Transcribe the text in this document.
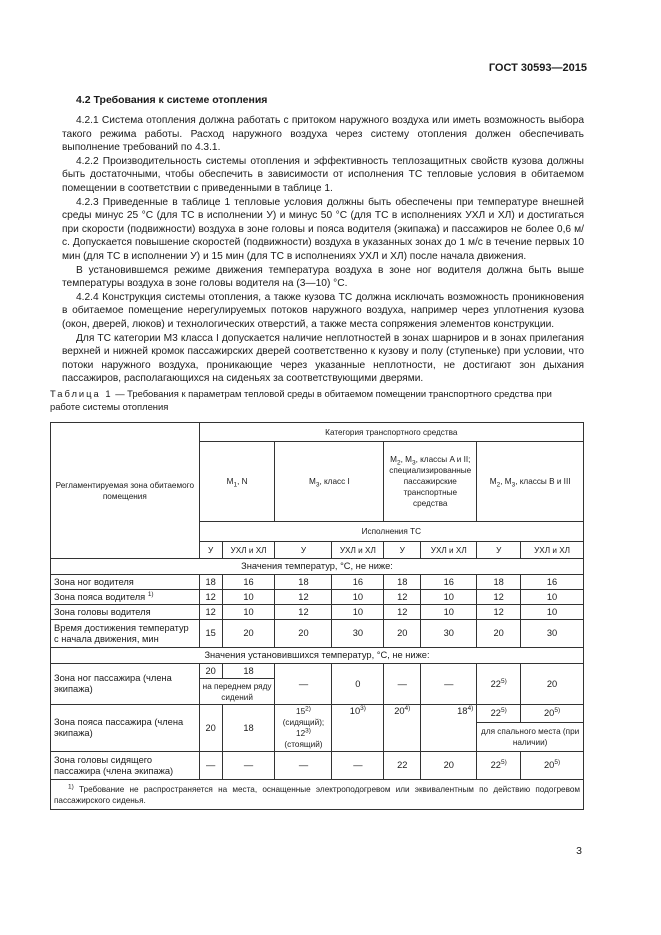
ГОСТ 30593—2015
4.2 Требования к системе отопления

4.2.1 Система отопления должна работать с притоком наружного воздуха или иметь возможность выбора такого режима работы. Расход наружного воздуха через систему отопления должен обеспечивать выполнение требований по 4.3.1.

4.2.2 Производительность системы отопления и эффективность теплозащитных свойств кузова должны быть достаточными, чтобы обеспечить в зависимости от исполнения ТС тепловые условия в обитаемом помещении в соответствии с приведенными в таблице 1.

4.2.3 Приведенные в таблице 1 тепловые условия должны быть обеспечены при температуре внешней среды минус 25 °С (для ТС в исполнении У) и минус 50 °С (для ТС в исполнениях УХЛ и ХЛ) и достигаться при скорости (подвижности) воздуха в зоне головы и пояса водителя (экипажа) и пассажиров не более 0,6 м/с. Допускается повышение скоростей (подвижности) воздуха в указанных зонах до 1 м/с в течение первых 10 мин (для ТС в исполнении У) и 15 мин (для ТС в исполнениях УХЛ и ХЛ) после начала движения.

В установившемся режиме движения температура воздуха в зоне ног водителя должна быть выше температуры воздуха в зоне головы водителя на (3—10) °С.

4.2.4 Конструкция системы отопления, а также кузова ТС должна исключать возможность проникновения в обитаемое помещение нерегулируемых потоков наружного воздуха, например через уплотнения кузова (окон, дверей, люков) и технологических отверстий, а также места сопряжения элементов конструкции.

Для ТС категории М3 класса I допускается наличие неплотностей в зонах шарниров и в зонах прилегания верхней и нижней кромок пассажирских дверей соответственно к кузову и полу (ступеньке) при условии, что потоки наружного воздуха, проникающие через указанные неплотности, не достигают зон дыхания пассажиров, располагающихся на сиденьях за соответствующими дверями.

Таблица 1 — Требования к параметрам тепловой среды в обитаемом помещении транспортного средства при работе системы отопления
Регламентируемая зона обитаемого помещения	Категория транспортного средства							
	$М_1$, N		$М_3$, класс I		$М_2$, $М_3$, классы A и II; специализированные пассажирские транспортные средства		$М_2$, $М_3$, классы В и III	
	Исполнения ТС							
	У	УХЛ и ХЛ	У	УХЛ и ХЛ	У	УХЛ и ХЛ	У	УХЛ и ХЛ
Значения температур, °С, не ниже:								
Зона ног водителя	18	16	18	16	18	16	18	16
Зона пояса водителя $^{1)}$	12	10	12	10	12	10	12	10
Зона головы водителя	12	10	12	10	12	10	12	10
Время достижения температур с начала движения, мин	15	20	20	30	20	30	20	30
Значения установившихся температур, °С, не ниже:								
Зона ног пассажира (члена экипажа)	20	18	—	0	—	—	22$^{5)}$	20
	на переднем ряду сидений							
Зона пояса пассажира (члена экипажа)	20	18	15$^{2)}$ (сидящий); 12$^{3)}$ (стоящий)	10$^{3)}$	20$^{4)}$	18$^{4)}$	22$^{5)}$	20$^{5)}$
							для спального места (при наличии)	
Зона головы сидящего пассажира (члена экипажа)	—	—	—	—	22	20	22$^{5)}$	20$^{5)}$
$^{1)}$ Требование не распространяется на места, оснащенные электроподогревом или эквивалентным по действию подогревом пассажирского сиденья.								
3
